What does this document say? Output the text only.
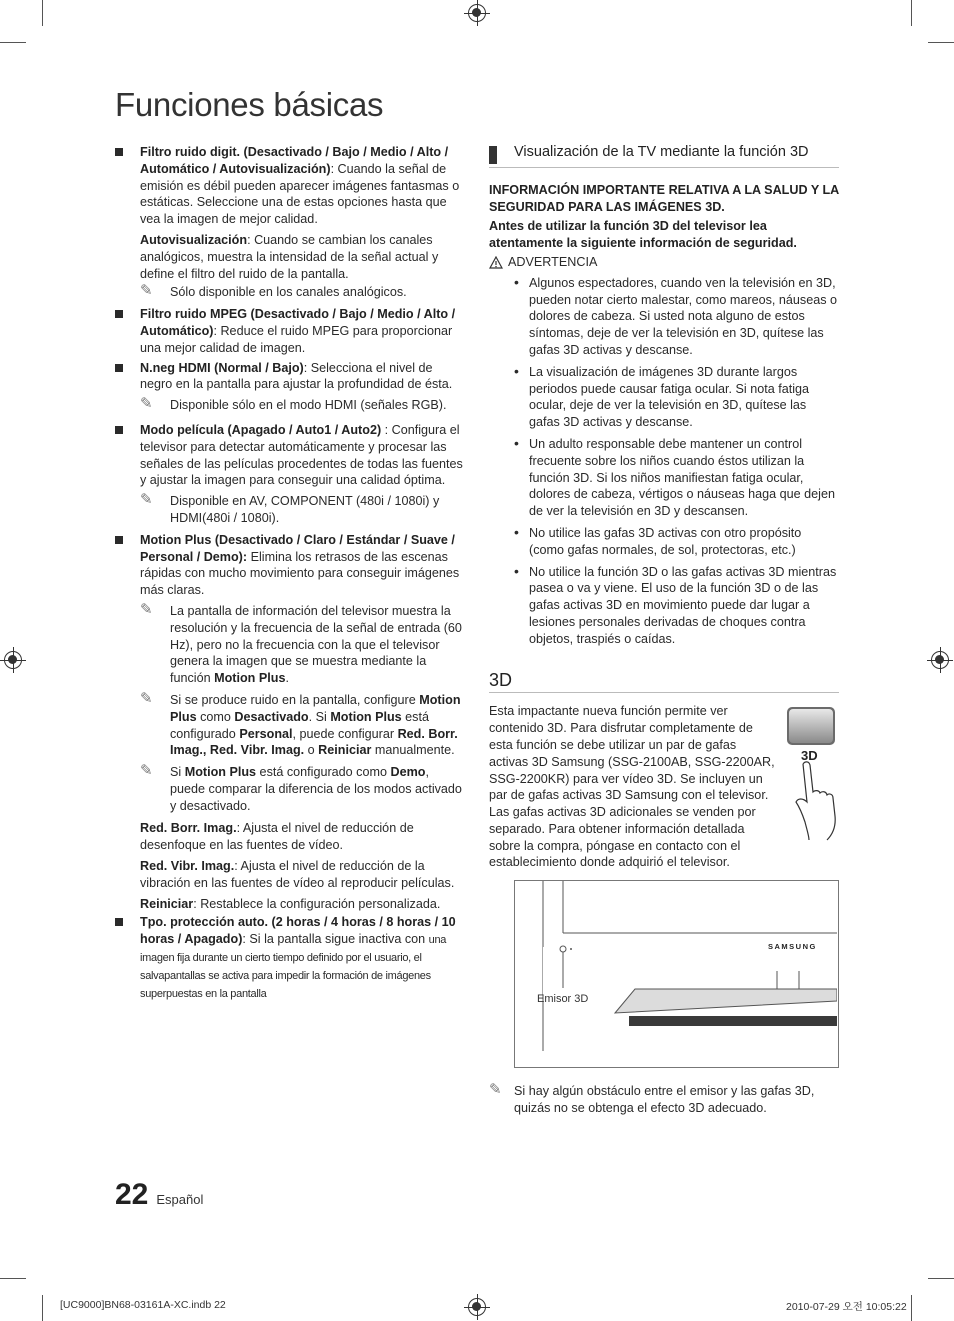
Funciones básicas
Filtro ruido digit. (Desactivado / Bajo / Medio / Alto / Automático / Autovisualización): Cuando la señal de emisión es débil pueden aparecer imágenes fantasmas o estáticas. Seleccione una de estas opciones hasta que vea la imagen de mejor calidad.
Autovisualización: Cuando se cambian los canales analógicos, muestra la intensidad de la señal actual y define el filtro del ruido de la pantalla.
✎	Sólo disponible en los canales analógicos.
Filtro ruido MPEG (Desactivado / Bajo / Medio / Alto / Automático): Reduce el ruido MPEG para proporcionar una mejor calidad de imagen.
N.neg HDMI (Normal / Bajo): Selecciona el nivel de negro en la pantalla para ajustar la profundidad de ésta.
✎	Disponible sólo en el modo HDMI (señales RGB).
Modo película (Apagado / Auto1 / Auto2) : Configura el televisor para detectar automáticamente y procesar las señales de las películas procedentes de todas las fuentes y ajustar la imagen para conseguir una calidad óptima.
✎	Disponible en AV, COMPONENT (480i / 1080i) y HDMI(480i / 1080i).
Motion Plus (Desactivado / Claro / Estándar / Suave / Personal / Demo): Elimina los retrasos de las escenas rápidas con mucho movimiento para conseguir imágenes más claras.
✎	La pantalla de información del televisor muestra la resolución y la frecuencia de la señal de entrada (60 Hz), pero no la frecuencia con la que el televisor genera la imagen que se muestra mediante la función Motion Plus.
✎	Si se produce ruido en la pantalla, configure Motion Plus como Desactivado. Si Motion Plus está configurado Personal, puede configurar Red. Borr. Imag., Red. Vibr. Imag. o Reiniciar manualmente.
✎	Si Motion Plus está configurado como Demo, puede comparar la diferencia de los modos activado y desactivado.
Red. Borr. Imag.: Ajusta el nivel de reducción de desenfoque en las fuentes de vídeo.
Red. Vibr. Imag.: Ajusta el nivel de reducción de la vibración en las fuentes de vídeo al reproducir películas.
Reiniciar: Restablece la configuración personalizada.
Tpo. protección auto. (2 horas / 4 horas / 8 horas / 10 horas / Apagado): Si la pantalla sigue inactiva con una imagen fija durante un cierto tiempo definido por el usuario, el salvapantallas se activa para impedir la formación de imágenes superpuestas en la pantalla
Visualización de la TV mediante la función 3D

INFORMACIÓN IMPORTANTE RELATIVA A LA SALUD Y LA SEGURIDAD PARA LAS IMÁGENES 3D.

Antes de utilizar la función 3D del televisor lea atentamente la siguiente información de seguridad.

ADVERTENCIA
• Algunos espectadores, cuando ven la televisión en 3D, pueden notar cierto malestar, como mareos, náuseas o dolores de cabeza. Si usted nota alguno de estos síntomas, deje de ver la televisión en 3D, quítese las gafas 3D activas y descanse.
• La visualización de imágenes 3D durante largos periodos puede causar fatiga ocular. Si nota fatiga ocular, deje de ver la televisión en 3D, quítese las gafas 3D activas y descanse.
• Un adulto responsable debe mantener un control frecuente sobre los niños cuando éstos utilizan la función 3D. Si los niños manifiestan fatiga ocular, dolores de cabeza, vértigos o náuseas haga que dejen de ver la televisión en 3D y descansen.
• No utilice las gafas 3D activas con otro propósito (como gafas normales, de sol, protectoras, etc.)
• No utilice la función 3D o las gafas activas 3D mientras pasea o va y viene. El uso de la función 3D o de las gafas activas 3D en movimiento puede dar lugar a lesiones personales derivadas de choques contra objetos, traspiés o caídas.
3D

Esta impactante nueva función permite ver contenido 3D. Para disfrutar completamente de esta función se debe utilizar un par de gafas activas 3D Samsung (SSG-2100AB, SSG-2200AR, SSG-2200KR) para ver vídeo 3D. Se incluyen un par de gafas activas 3D Samsung con el televisor. Las gafas activas 3D adicionales se venden por separado. Para obtener información detallada sobre la compra, póngase en contacto con el establecimiento donde adquirió el televisor.

3D
SAMSUNG
Emisor 3D
✎ Si hay algún obstáculo entre el emisor y las gafas 3D, quizás no se obtenga el efecto 3D adecuado.
22 Español
[UC9000]BN68-03161A-XC.indb 22	2010-07-29 오전 10:05:22
